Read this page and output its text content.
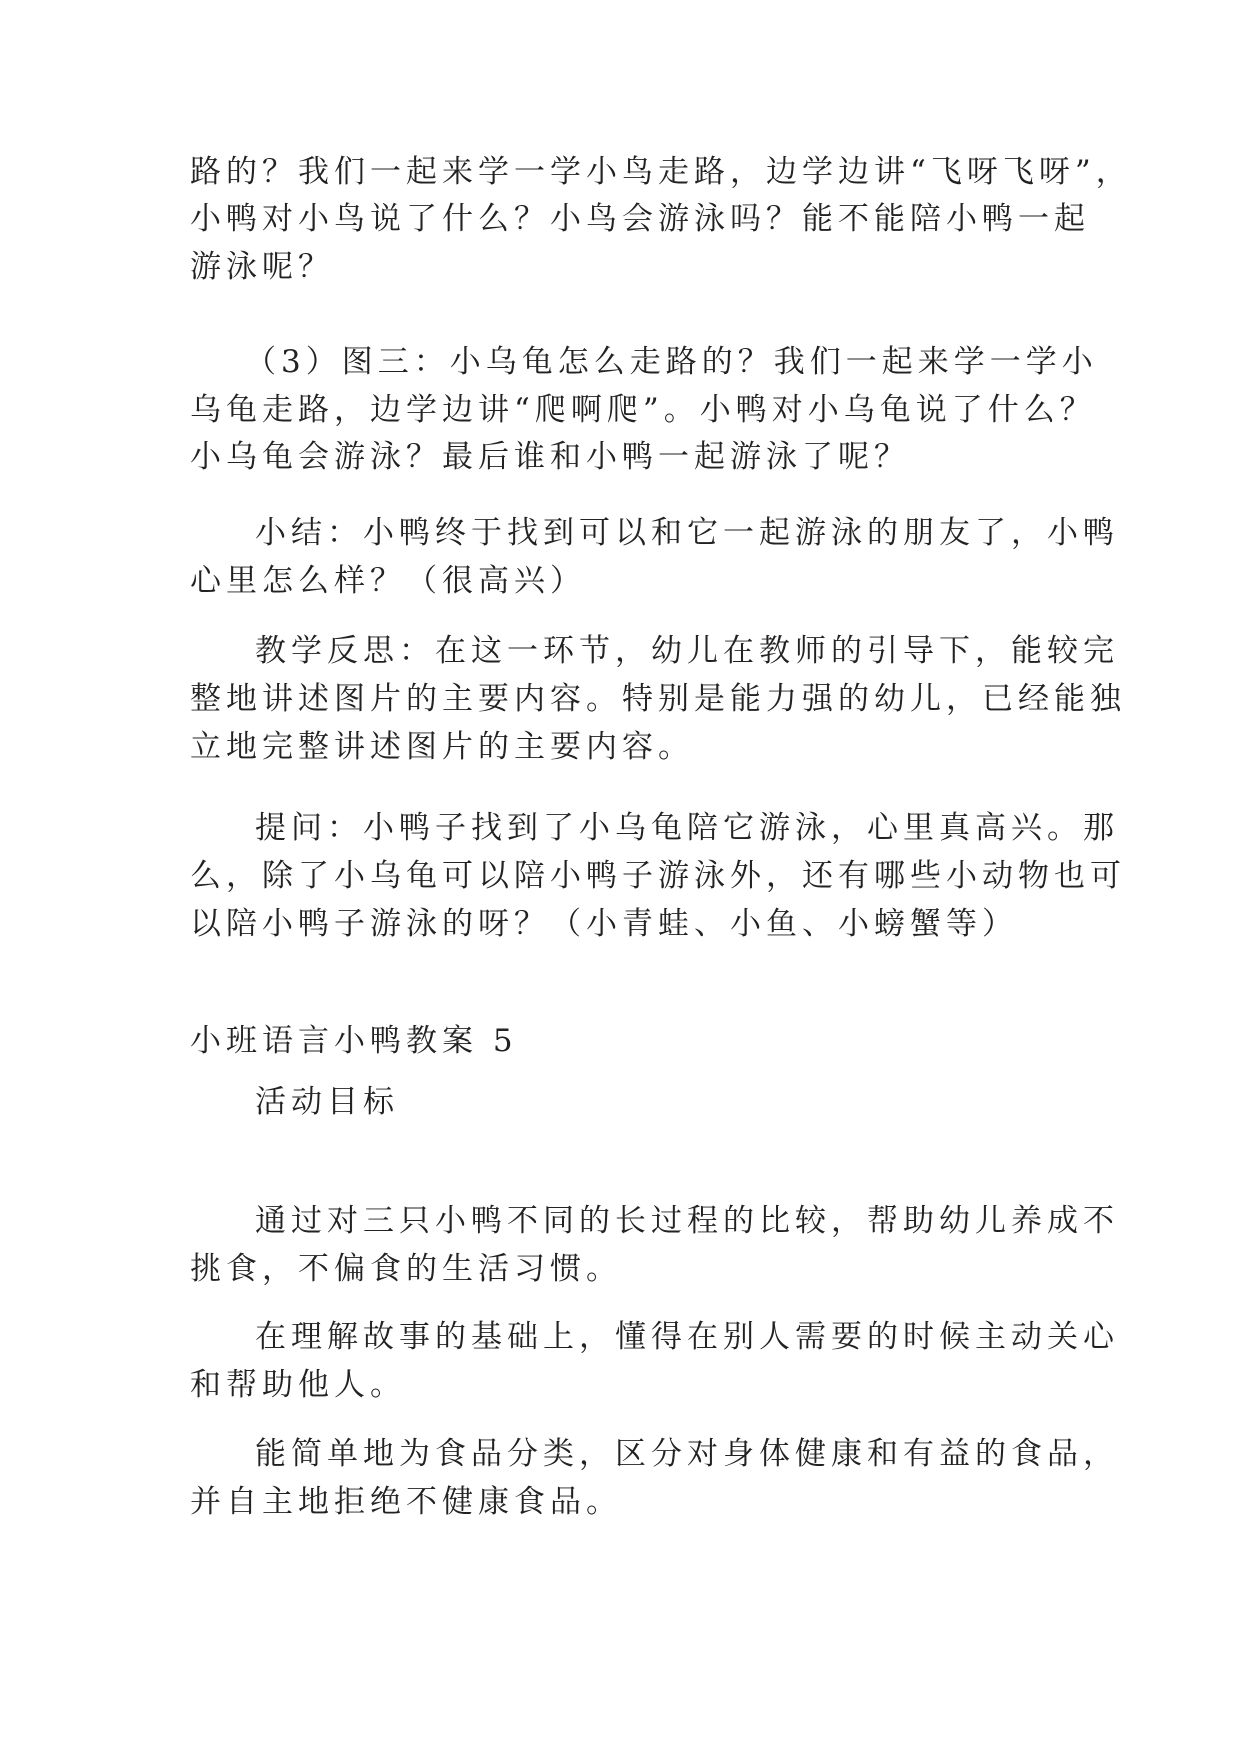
路的？我们一起来学一学小鸟走路，边学边讲“飞呀飞呀”，

小鸭对小鸟说了什么？小鸟会游泳吗？能不能陪小鸭一起

游泳呢？

（3）图三：小乌龟怎么走路的？我们一起来学一学小

乌龟走路，边学边讲“爬啊爬”。小鸭对小乌龟说了什么？

小乌龟会游泳？最后谁和小鸭一起游泳了呢？

小结：小鸭终于找到可以和它一起游泳的朋友了，小鸭

心里怎么样？（很高兴）

教学反思：在这一环节，幼儿在教师的引导下，能较完

整地讲述图片的主要内容。特别是能力强的幼儿，已经能独

立地完整讲述图片的主要内容。

提问：小鸭子找到了小乌龟陪它游泳，心里真高兴。那

么，除了小乌龟可以陪小鸭子游泳外，还有哪些小动物也可

以陪小鸭子游泳的呀？（小青蛙、小鱼、小螃蟹等）

小班语言小鸭教案 5

活动目标

通过对三只小鸭不同的长过程的比较，帮助幼儿养成不

挑食，不偏食的生活习惯。

在理解故事的基础上，懂得在别人需要的时候主动关心

和帮助他人。

能简单地为食品分类，区分对身体健康和有益的食品，

并自主地拒绝不健康食品。
